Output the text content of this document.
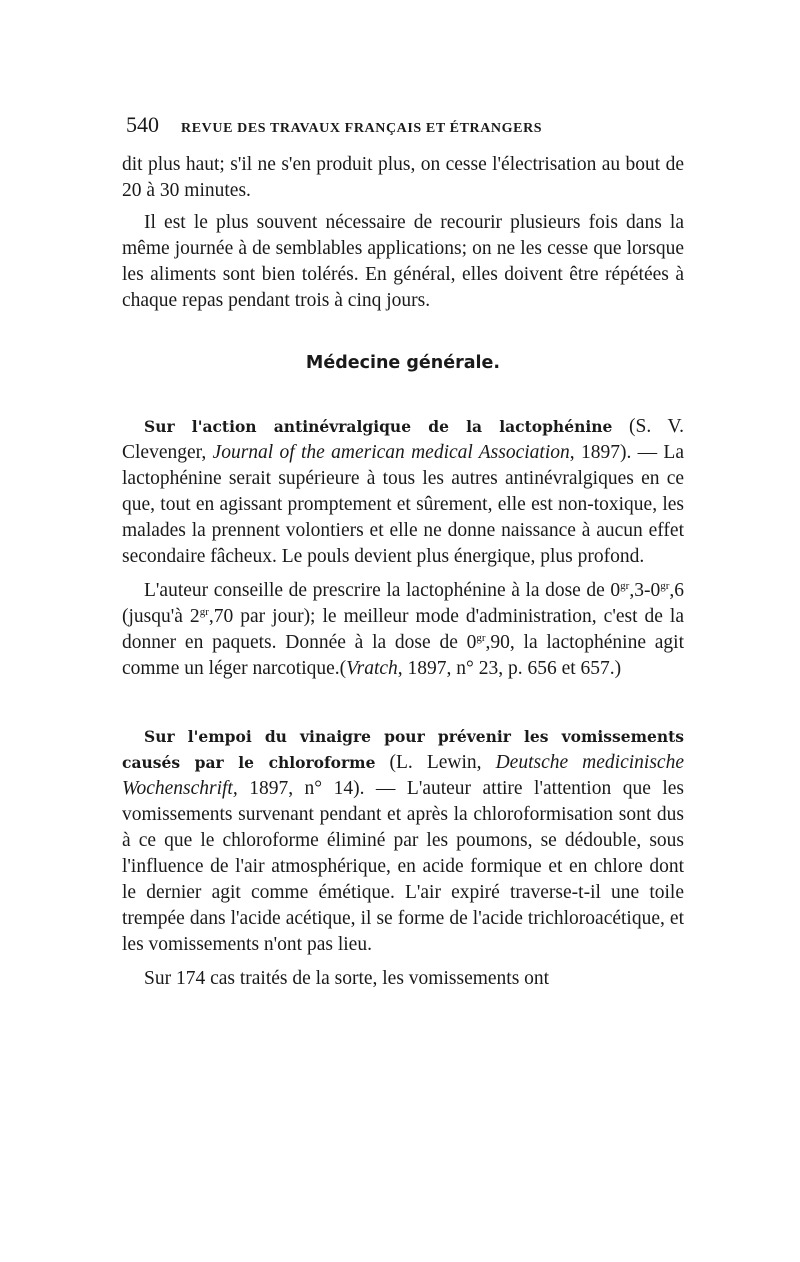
540 REVUE DES TRAVAUX FRANÇAIS ET ÉTRANGERS

dit plus haut; s'il ne s'en produit plus, on cesse l'électrisation au bout de 20 à 30 minutes.

Il est le plus souvent nécessaire de recourir plusieurs fois dans la même journée à de semblables applications; on ne les cesse que lorsque les aliments sont bien tolérés. En général, elles doivent être répétées à chaque repas pendant trois à cinq jours.

Médecine générale.

Sur l'action antinévralgique de la lactophénine (S. V. Clevenger, Journal of the american medical Association, 1897). — La lactophénine serait supérieure à tous les autres antinévralgiques en ce que, tout en agissant promptement et sûrement, elle est non-toxique, les malades la prennent volontiers et elle ne donne naissance à aucun effet secondaire fâcheux. Le pouls devient plus énergique, plus profond.

L'auteur conseille de prescrire la lactophénine à la dose de $0^{gr},3-0^{gr},6$ (jusqu'à $2^{gr},70$ par jour); le meilleur mode d'administration, c'est de la donner en paquets. Donnée à la dose de $0^{gr},90$, la lactophénine agit comme un léger narcotique.(Vratch, 1897, n° 23, p. 656 et 657.)

Sur l'empoi du vinaigre pour prévenir les vomissements causés par le chloroforme (L. Lewin, Deutsche medicinische Wochenschrift, 1897, n° 14). — L'auteur attire l'attention que les vomissements survenant pendant et après la chloroformisation sont dus à ce que le chloroforme éliminé par les poumons, se dédouble, sous l'influence de l'air atmosphérique, en acide formique et en chlore dont le dernier agit comme émétique. L'air expiré traverse-t-il une toile trempée dans l'acide acétique, il se forme de l'acide trichloroacétique, et les vomissements n'ont pas lieu.

Sur 174 cas traités de la sorte, les vomissements ont
